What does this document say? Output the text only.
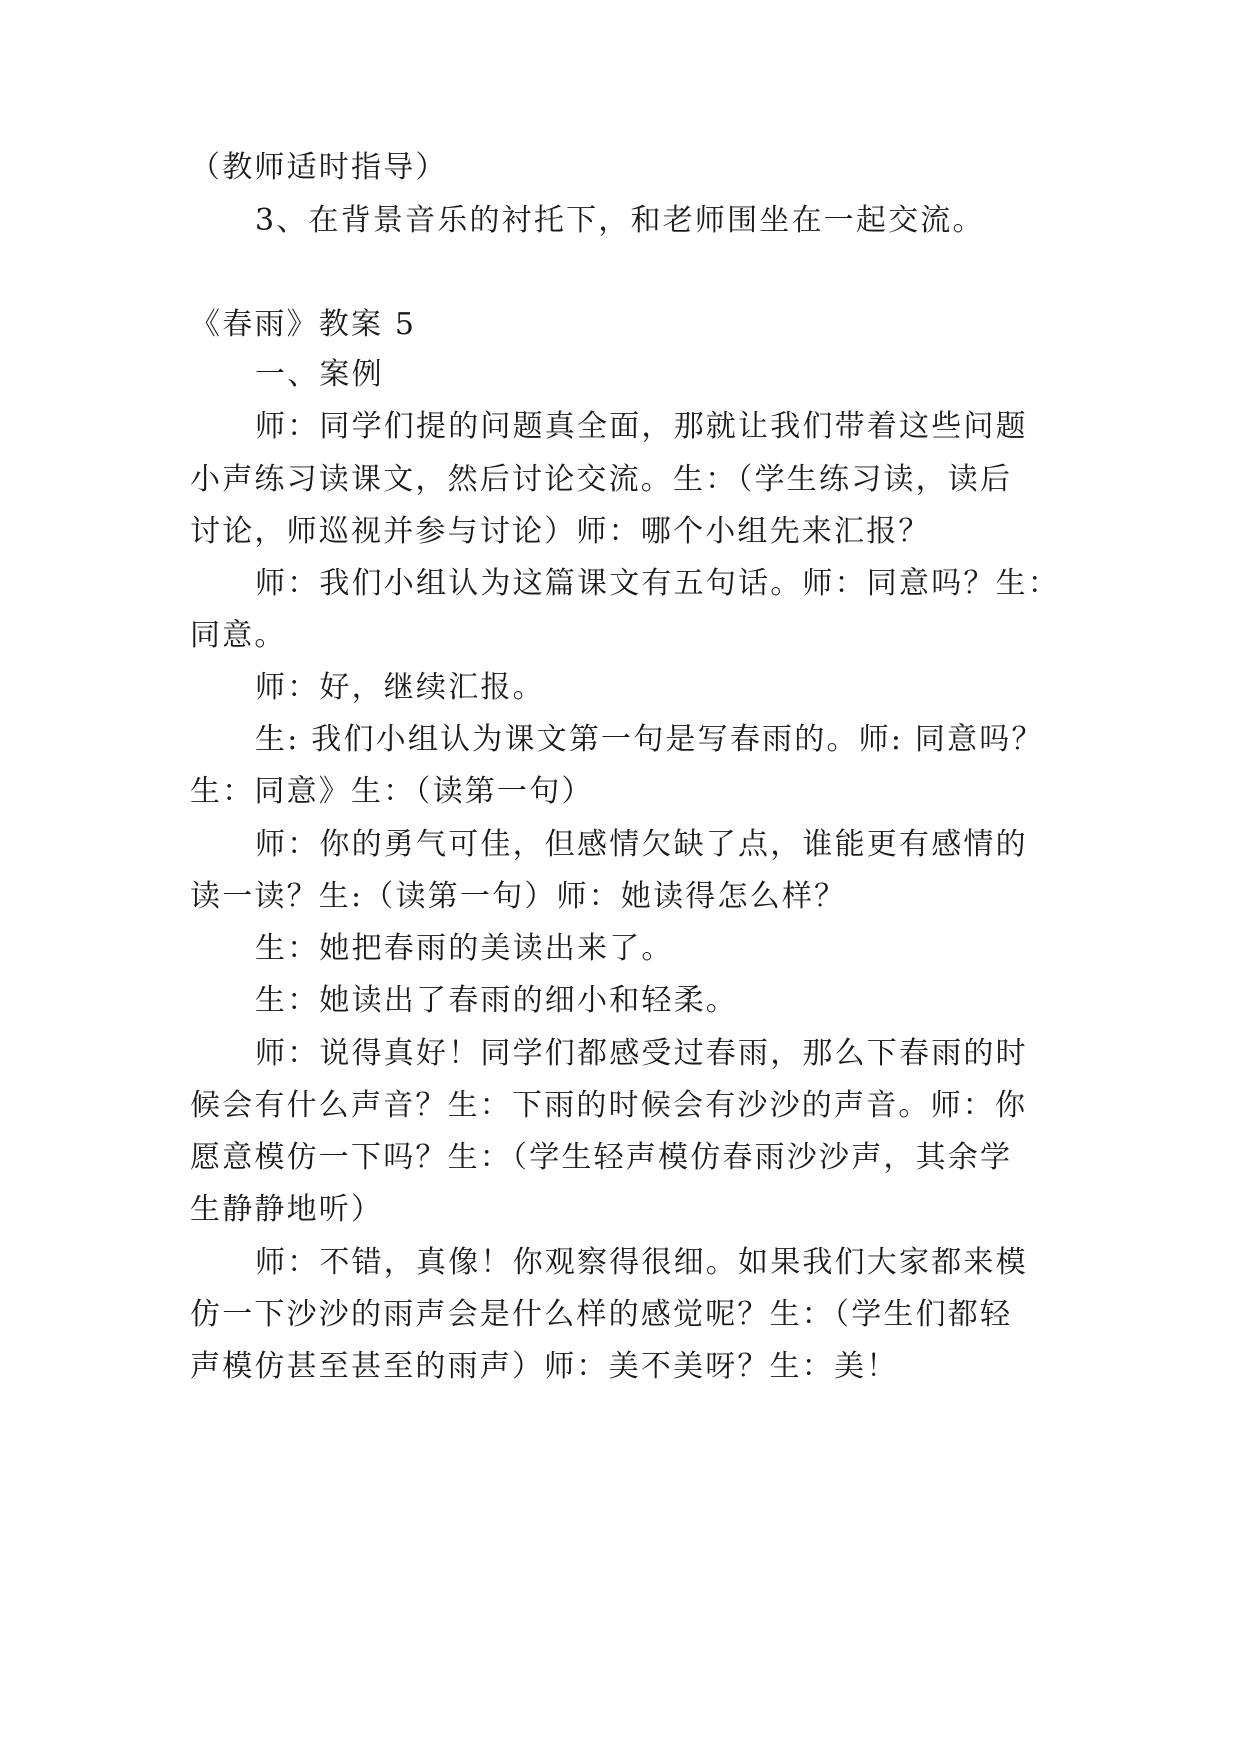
（教师适时指导）
3、在背景音乐的衬托下，和老师围坐在一起交流。
《春雨》教案 5
一、案例
师：同学们提的问题真全面，那就让我们带着这些问题
小声练习读课文，然后讨论交流。生：（学生练习读，读后
讨论，师巡视并参与讨论）师：哪个小组先来汇报？
师：我们小组认为这篇课文有五句话。师：同意吗？生：
同意。
师：好，继续汇报。
生: 我们小组认为课文第一句是写春雨的。师: 同意吗？
生：同意》生：（读第一句）
师：你的勇气可佳，但感情欠缺了点，谁能更有感情的
读一读？生:（读第一句）师：她读得怎么样？
生：她把春雨的美读出来了。
生：她读出了春雨的细小和轻柔。
师：说得真好！同学们都感受过春雨，那么下春雨的时
候会有什么声音？生：下雨的时候会有沙沙的声音。师：你
愿意模仿一下吗？生：（学生轻声模仿春雨沙沙声，其余学
生静静地听）
师：不错，真像！你观察得很细。如果我们大家都来模
仿一下沙沙的雨声会是什么样的感觉呢？生：（学生们都轻
声模仿甚至甚至的雨声）师：美不美呀？生：美！
